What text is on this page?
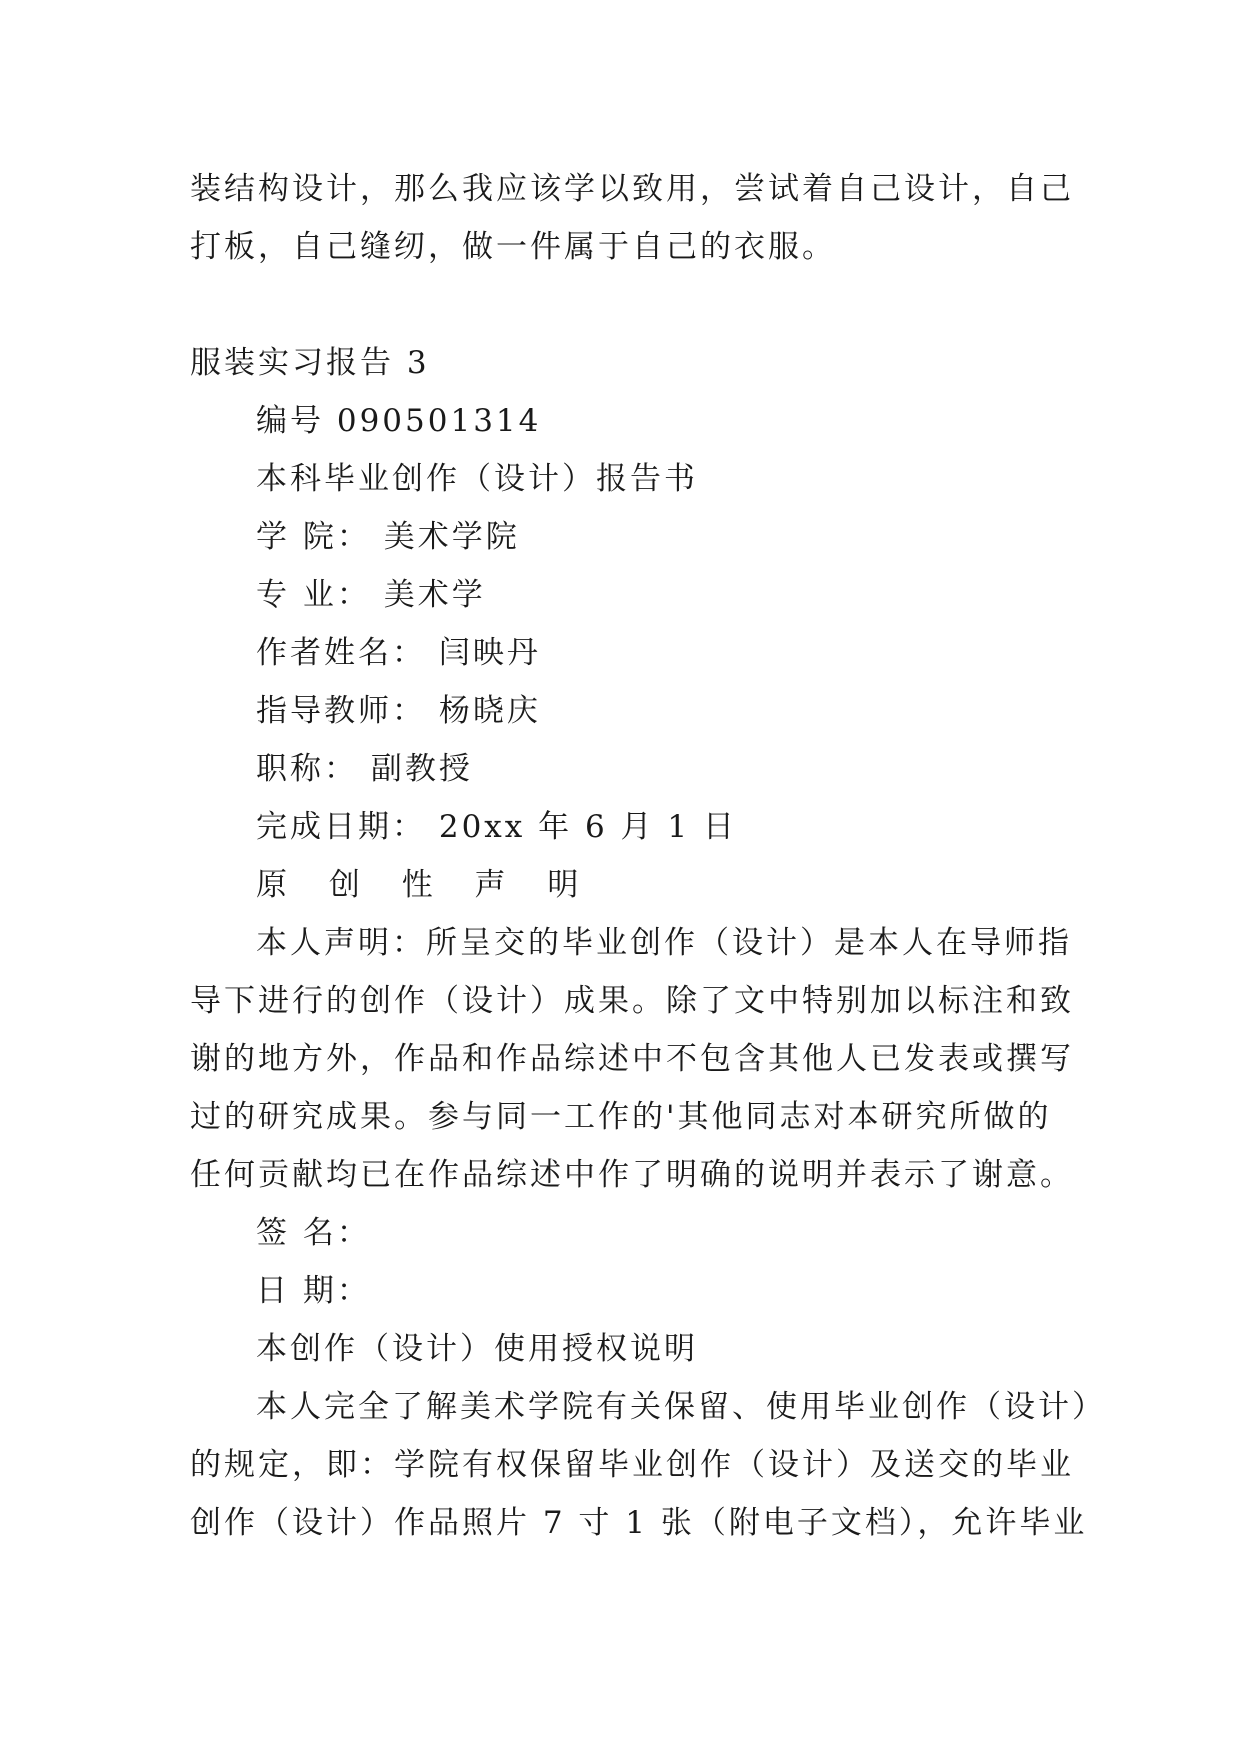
装结构设计，那么我应该学以致用，尝试着自己设计，自己
打板，自己缝纫，做一件属于自己的衣服。
服装实习报告 3
编号 090501314
本科毕业创作（设计）报告书
学 院： 美术学院
专 业： 美术学
作者姓名： 闫映丹
指导教师： 杨晓庆
职称： 副教授
完成日期： 20xx 年 6 月 1 日
原 创 性 声 明
本人声明：所呈交的毕业创作（设计）是本人在导师指
导下进行的创作（设计）成果。除了文中特别加以标注和致
谢的地方外，作品和作品综述中不包含其他人已发表或撰写
过的研究成果。参与同一工作的'其他同志对本研究所做的
任何贡献均已在作品综述中作了明确的说明并表示了谢意。
签 名：
日 期：
本创作（设计）使用授权说明
本人完全了解美术学院有关保留、使用毕业创作（设计）
的规定，即：学院有权保留毕业创作（设计）及送交的毕业
创作（设计）作品照片 7 寸 1 张（附电子文档），允许毕业
